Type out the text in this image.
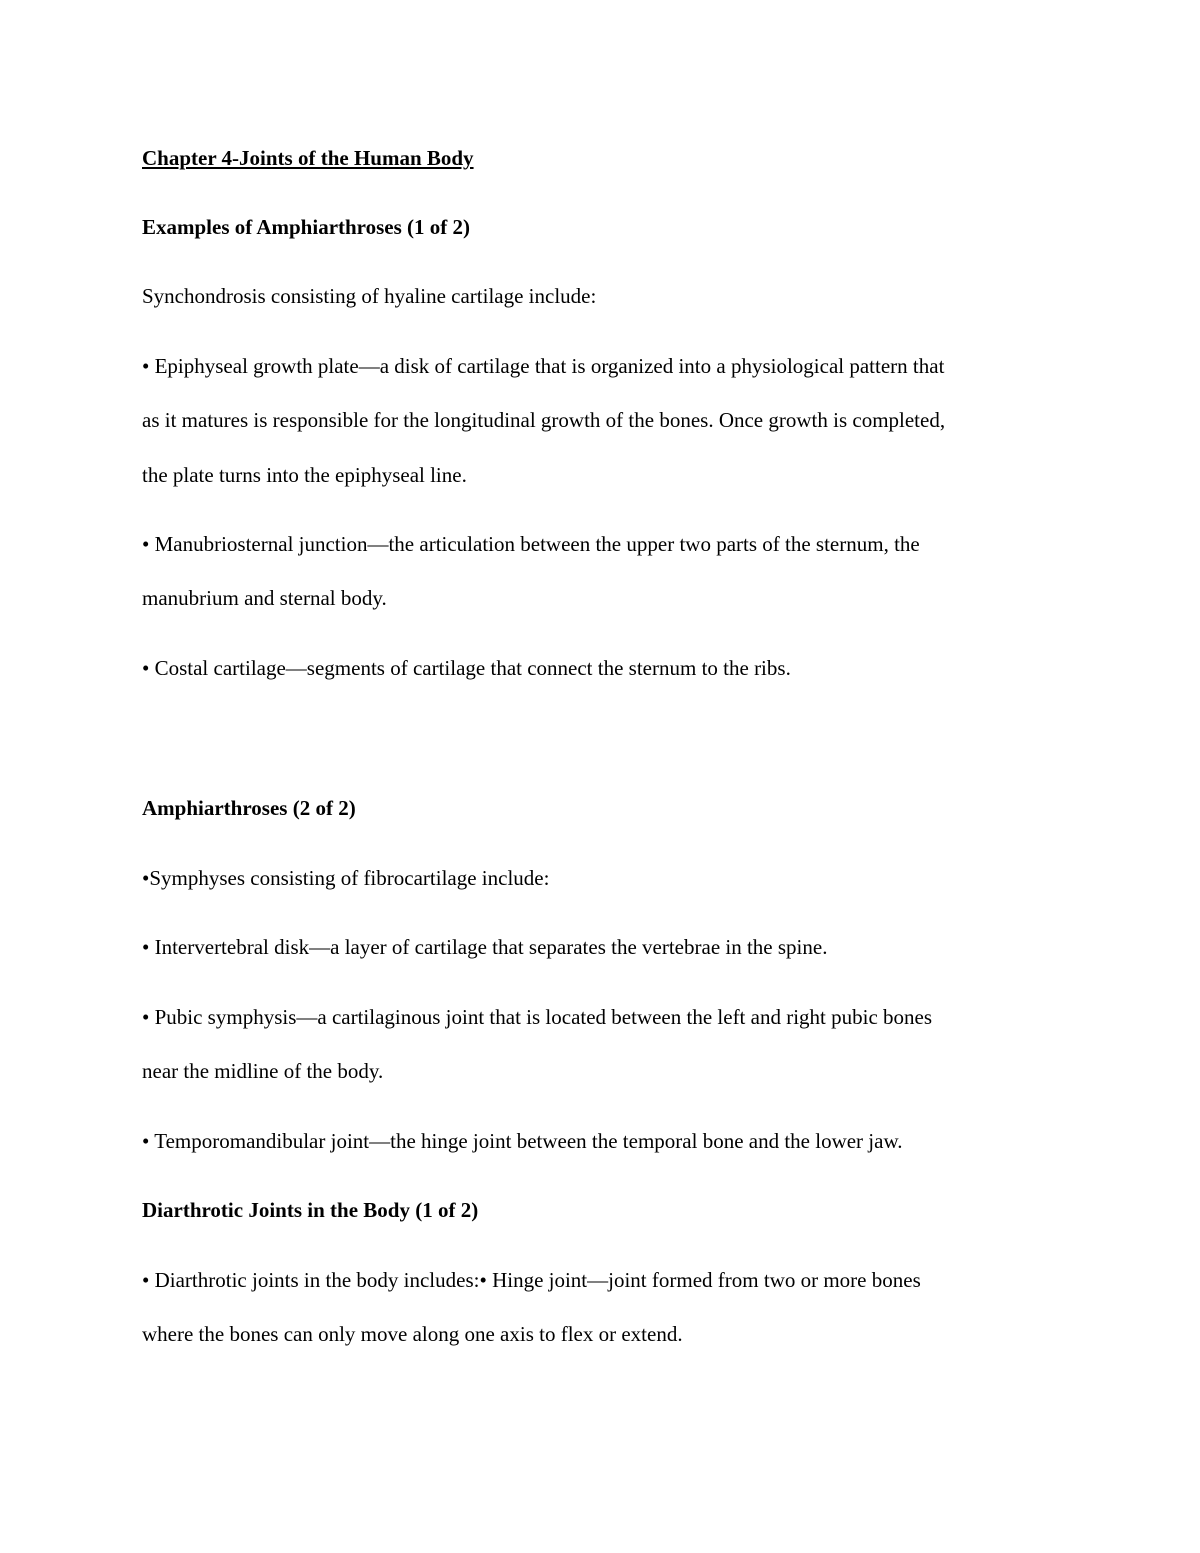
Chapter 4-Joints of the Human Body

Examples of Amphiarthroses (1 of 2)

Synchondrosis consisting of hyaline cartilage include:

• Epiphyseal growth plate—a disk of cartilage that is organized into a physiological pattern that

as it matures is responsible for the longitudinal growth of the bones. Once growth is completed,

the plate turns into the epiphyseal line.

• Manubriosternal junction—the articulation between the upper two parts of the sternum, the

manubrium and sternal body.

• Costal cartilage—segments of cartilage that connect the sternum to the ribs.

Amphiarthroses (2 of 2)

•Symphyses consisting of fibrocartilage include:

• Intervertebral disk—a layer of cartilage that separates the vertebrae in the spine.

• Pubic symphysis—a cartilaginous joint that is located between the left and right pubic bones

near the midline of the body.

• Temporomandibular joint—the hinge joint between the temporal bone and the lower jaw.

Diarthrotic Joints in the Body (1 of 2)

• Diarthrotic joints in the body includes:• Hinge joint—joint formed from two or more bones

where the bones can only move along one axis to flex or extend.
